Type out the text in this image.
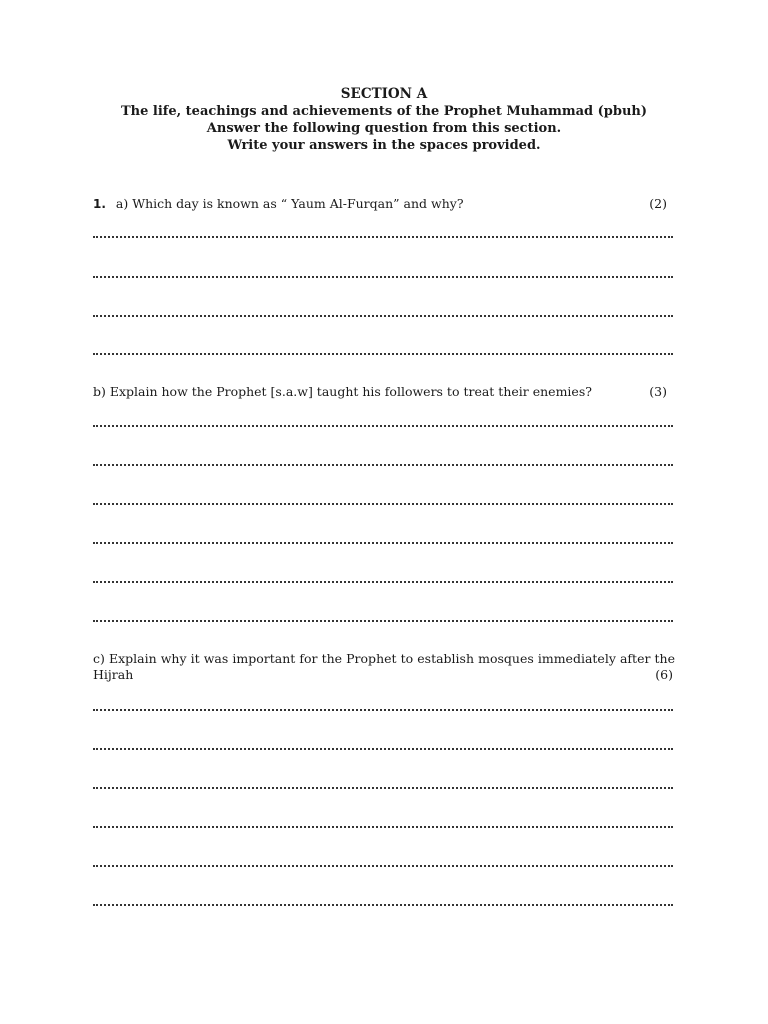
SECTION A
The life, teachings and achievements of the Prophet Muhammad (pbuh)
Answer the following question from this section.
Write your answers in the spaces provided.
1. a) Which day is known as “ Yaum Al-Furqan” and why?	(2)
b) Explain how the Prophet [s.a.w] taught his followers to treat their enemies?	(3)
c) Explain why it was important for the Prophet to establish mosques immediately after the Hijrah	(6)
